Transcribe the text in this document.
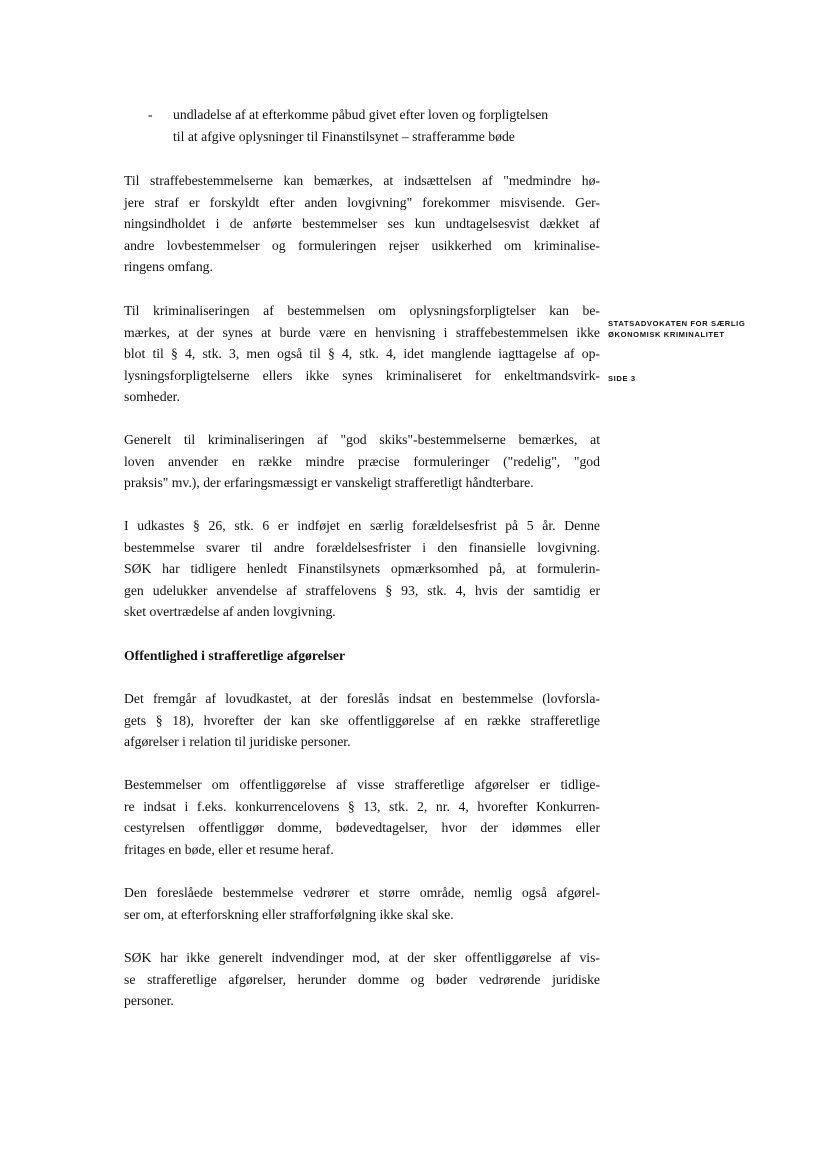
- undladelse af at efterkomme påbud givet efter loven og forpligtelsen
til at afgive oplysninger til Finanstilsynet – strafferamme bøde
Til straffebestemmelserne kan bemærkes, at indsættelsen af "medmindre hø-
jere straf er forskyldt efter anden lovgivning" forekommer misvisende. Ger-
ningsindholdet i de anførte bestemmelser ses kun undtagelsesvist dækket af
andre lovbestemmelser og formuleringen rejser usikkerhed om kriminalise-
ringens omfang.
Til kriminaliseringen af bestemmelsen om oplysningsforpligtelser kan be-
mærkes, at der synes at burde være en henvisning i straffebestemmelsen ikke
blot til § 4, stk. 3, men også til § 4, stk. 4, idet manglende iagttagelse af op-
lysningsforpligtelserne ellers ikke synes kriminaliseret for enkeltmandsvirk-
somheder.
Generelt til kriminaliseringen af "god skiks"-bestemmelserne bemærkes, at
loven anvender en række mindre præcise formuleringer ("redelig", "god
praksis" mv.), der erfaringsmæssigt er vanskeligt strafferetligt håndterbare.
I udkastes § 26, stk. 6 er indføjet en særlig forældelsesfrist på 5 år. Denne
bestemmelse svarer til andre forældelsesfrister i den finansielle lovgivning.
SØK har tidligere henledt Finanstilsynets opmærksomhed på, at formulerin-
gen udelukker anvendelse af straffelovens § 93, stk. 4, hvis der samtidig er
sket overtrædelse af anden lovgivning.
Offentlighed i strafferetlige afgørelser
Det fremgår af lovudkastet, at der foreslås indsat en bestemmelse (lovforsla-
gets § 18), hvorefter der kan ske offentliggørelse af en række strafferetlige
afgørelser i relation til juridiske personer.
Bestemmelser om offentliggørelse af visse strafferetlige afgørelser er tidlige-
re indsat i f.eks. konkurrencelovens § 13, stk. 2, nr. 4, hvorefter Konkurren-
cestyrelsen offentliggør domme, bødevedtagelser, hvor der idømmes eller
fritages en bøde, eller et resume heraf.
Den foreslåede bestemmelse vedrører et større område, nemlig også afgørel-
ser om, at efterforskning eller strafforfølgning ikke skal ske.
SØK har ikke generelt indvendinger mod, at der sker offentliggørelse af vis-
se strafferetlige afgørelser, herunder domme og bøder vedrørende juridiske
personer.
STATSADVOKATEN FOR SÆRLIG
ØKONOMISK KRIMINALITET
SIDE 3
